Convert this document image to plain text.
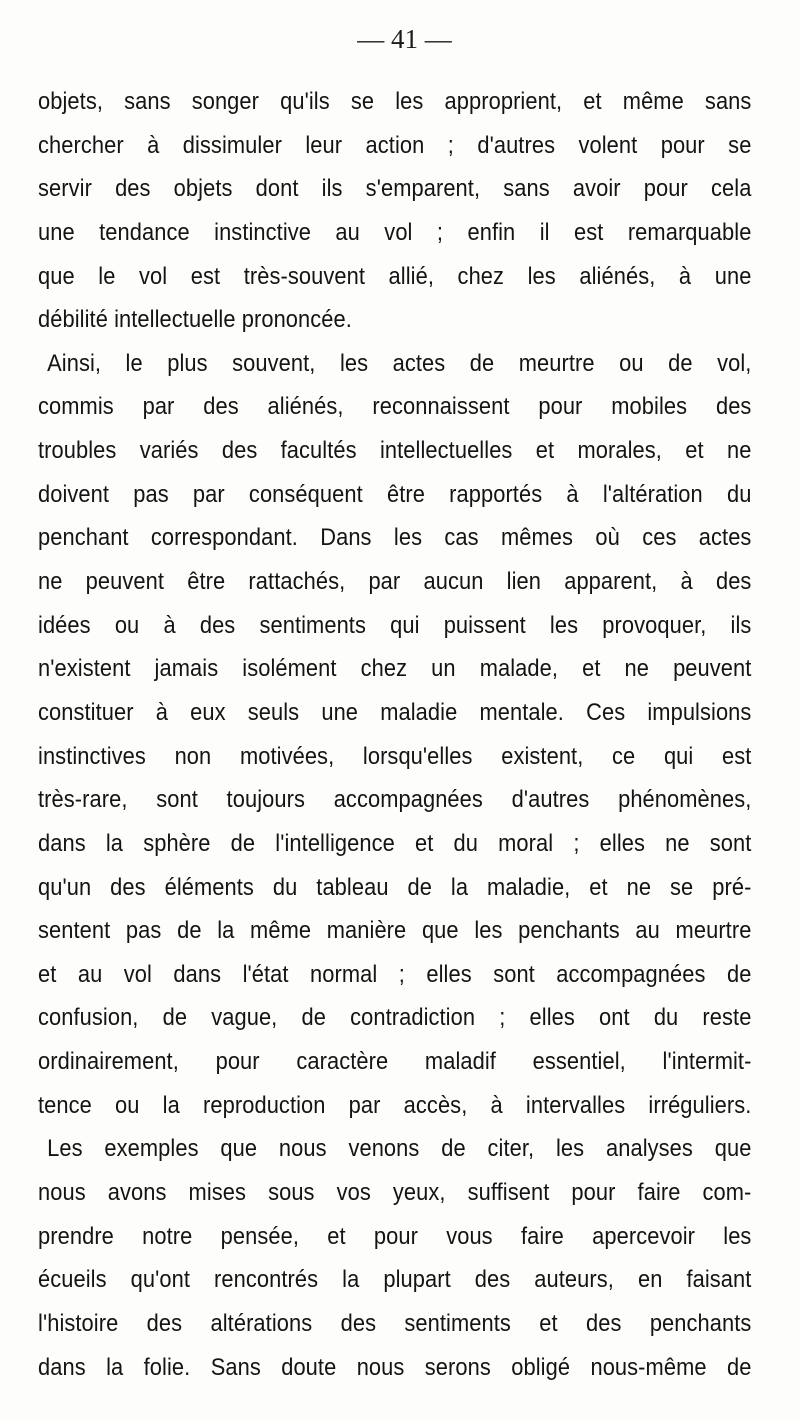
— 41 —
objets, sans songer qu'ils se les approprient, et même sans
chercher à dissimuler leur action ; d'autres volent pour se
servir des objets dont ils s'emparent, sans avoir pour cela
une tendance instinctive au vol ; enfin il est remarquable
que le vol est très-souvent allié, chez les aliénés, à une
débilité intellectuelle prononcée.
Ainsi, le plus souvent, les actes de meurtre ou de vol,
commis par des aliénés, reconnaissent pour mobiles des
troubles variés des facultés intellectuelles et morales, et ne
doivent pas par conséquent être rapportés à l'altération du
penchant correspondant. Dans les cas mêmes où ces actes
ne peuvent être rattachés, par aucun lien apparent, à des
idées ou à des sentiments qui puissent les provoquer, ils
n'existent jamais isolément chez un malade, et ne peuvent
constituer à eux seuls une maladie mentale. Ces impulsions
instinctives non motivées, lorsqu'elles existent, ce qui est
très-rare, sont toujours accompagnées d'autres phénomènes,
dans la sphère de l'intelligence et du moral ; elles ne sont
qu'un des éléments du tableau de la maladie, et ne se pré-
sentent pas de la même manière que les penchants au meurtre
et au vol dans l'état normal ; elles sont accompagnées de
confusion, de vague, de contradiction ; elles ont du reste
ordinairement, pour caractère maladif essentiel, l'intermit-
tence ou la reproduction par accès, à intervalles irréguliers.
Les exemples que nous venons de citer, les analyses que
nous avons mises sous vos yeux, suffisent pour faire com-
prendre notre pensée, et pour vous faire apercevoir les
écueils qu'ont rencontrés la plupart des auteurs, en faisant
l'histoire des altérations des sentiments et des penchants
dans la folie. Sans doute nous serons obligé nous-même de
